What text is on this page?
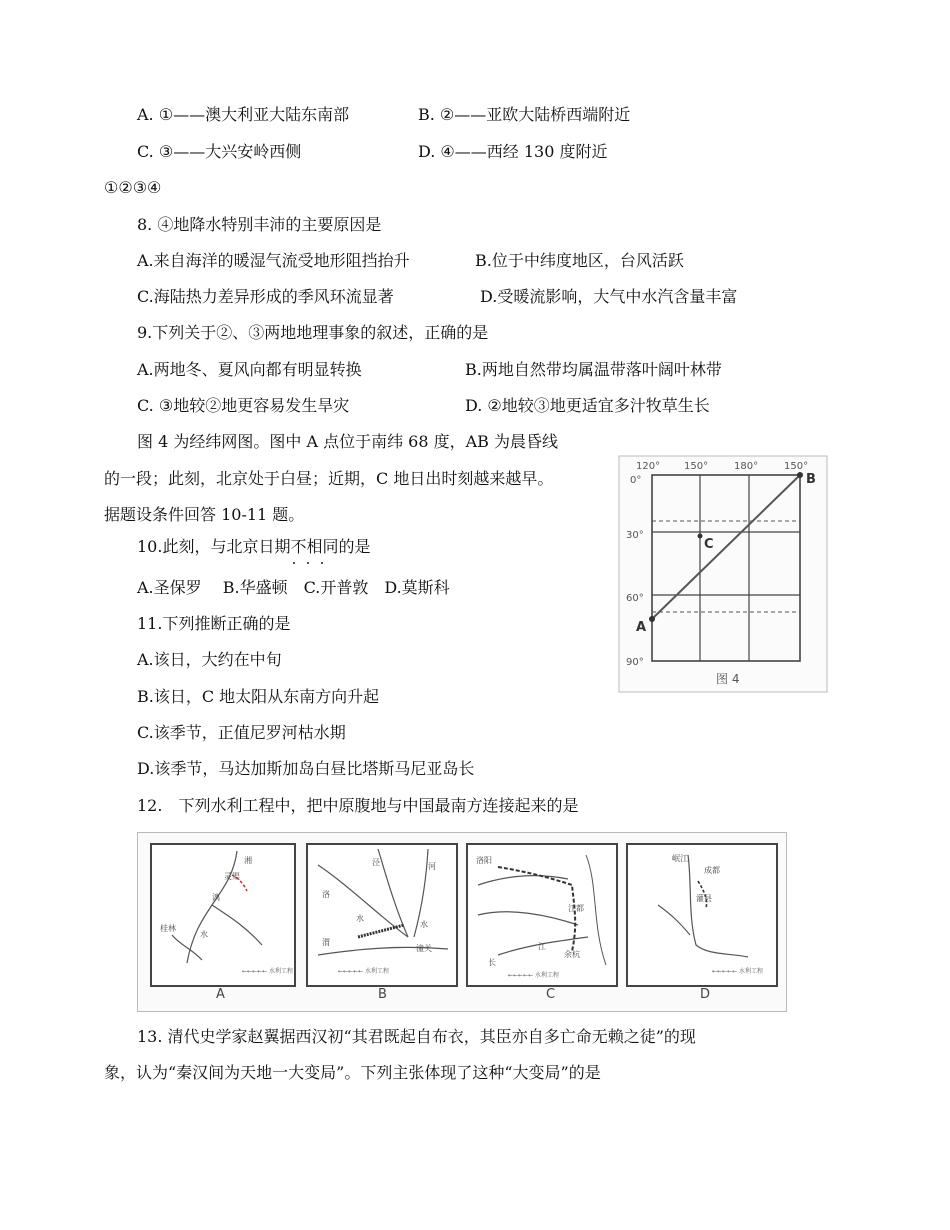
A. ①——澳大利亚大陆东南部	B. ②——亚欧大陆桥西端附近
C. ③——大兴安岭西侧	D. ④——西经 130 度附近
①②③④
8. ④地降水特别丰沛的主要原因是
A.来自海洋的暖湿气流受地形阻挡抬升	B.位于中纬度地区，台风活跃
C.海陆热力差异形成的季风环流显著	D.受暖流影响，大气中水汽含量丰富
9.下列关于②、③两地地理事象的叙述，正确的是
A.两地冬、夏风向都有明显转换	B.两地自然带均属温带落叶阔叶林带
C. ③地较②地更容易发生旱灾	D. ②地较③地更适宜多汁牧草生长
图 4 为经纬网图。图中 A 点位于南纬 68 度，AB 为晨昏线
的一段；此刻，北京处于白昼；近期，C 地日出时刻越来越早。
据题设条件回答 10-11 题。
10.此刻，与北京日期不相同 ・・・的是
A.圣保罗　 B.华盛顿　C.开普敦　D.莫斯科
11.下列推断正确的是
A.该日，大约在中旬
B.该日，C 地太阳从东南方向升起
C.该季节，正值尼罗河枯水期
D.该季节，马达加斯加岛白昼比塔斯马尼亚岛长
120° 150°	180°	150°
0°
30°
60°
90°
A
B
C
图 4
12.　下列水利工程中，把中原腹地与中国最南方连接起来的是
湘
灵渠
漓
桂林
水
←←←←← 水利工程
A
泾	河
洛
水
渭
水
潼关
←←←←← 水利工程
B
洛阳
江都
余杭
长
江
←←←←← 水利工程
C
岷江
成都
灌县
←←←←← 水利工程
D
13. 清代史学家赵翼据西汉初“其君既起自布衣，其臣亦自多亡命无赖之徒”的现
象，认为“秦汉间为天地一大变局”。下列主张体现了这种“大变局”的是
